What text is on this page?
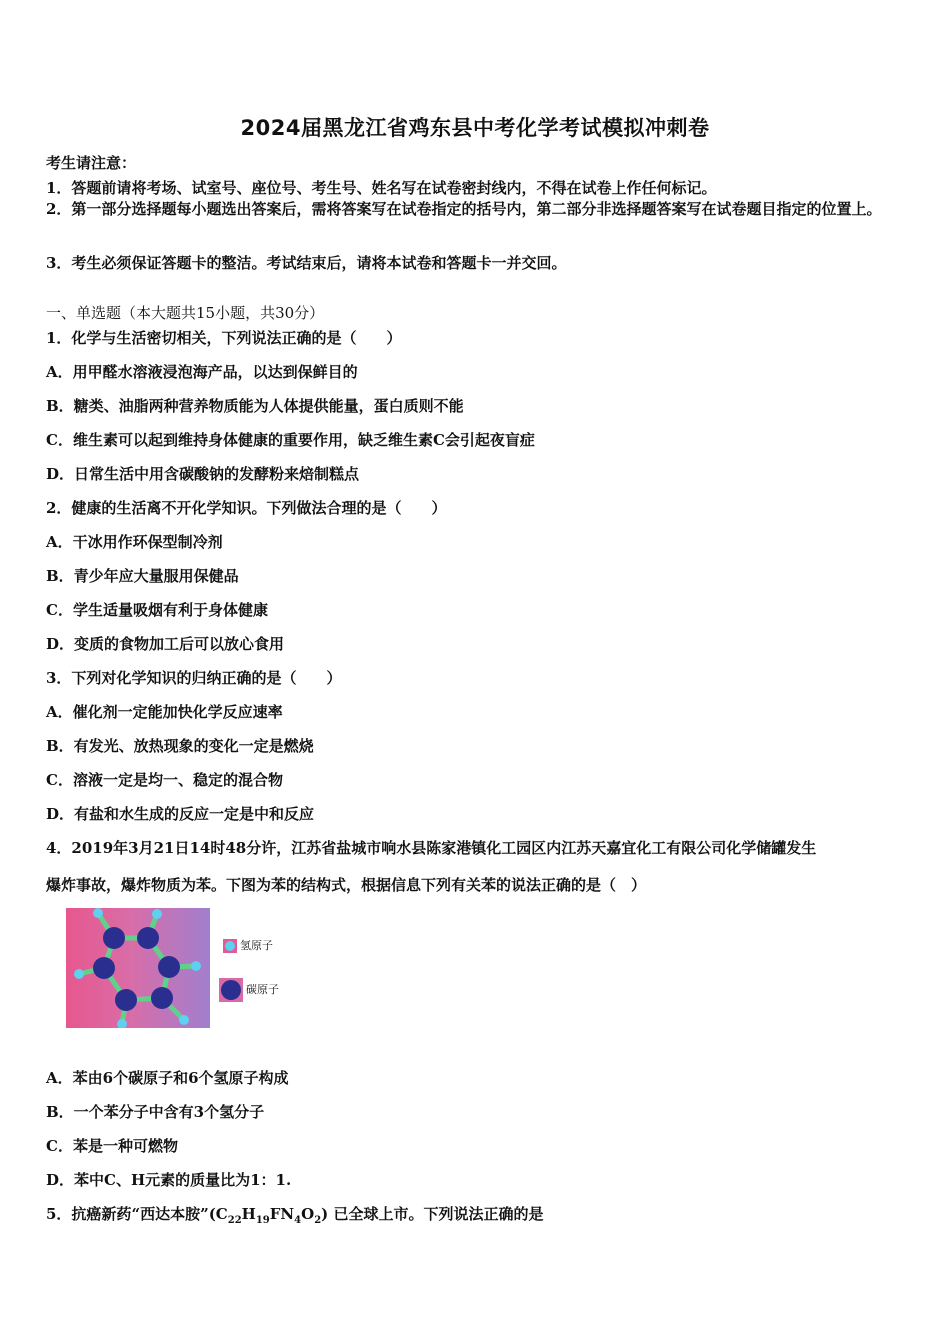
2024届黑龙江省鸡东县中考化学考试模拟冲刺卷
考生请注意：
1．答题前请将考场、试室号、座位号、考生号、姓名写在试卷密封线内，不得在试卷上作任何标记。
2．第一部分选择题每小题选出答案后，需将答案写在试卷指定的括号内，第二部分非选择题答案写在试卷题目指定的位置上。
3．考生必须保证答题卡的整洁。考试结束后，请将本试卷和答题卡一并交回。
一、单选题（本大题共15小题，共30分）
1．化学与生活密切相关，下列说法正确的是（　　）
A．用甲醛水溶液浸泡海产品，以达到保鲜目的
B．糖类、油脂两种营养物质能为人体提供能量，蛋白质则不能
C．维生素可以起到维持身体健康的重要作用，缺乏维生素C会引起夜盲症
D．日常生活中用含碳酸钠的发酵粉来焙制糕点
2．健康的生活离不开化学知识。下列做法合理的是（　　）
A．干冰用作环保型制冷剂
B．青少年应大量服用保健品
C．学生适量吸烟有利于身体健康
D．变质的食物加工后可以放心食用
3．下列对化学知识的归纳正确的是（　　）
A．催化剂一定能加快化学反应速率
B．有发光、放热现象的变化一定是燃烧
C．溶液一定是均一、稳定的混合物
D．有盐和水生成的反应一定是中和反应
4．2019年3月21日14时48分许，江苏省盐城市响水县陈家港镇化工园区内江苏天嘉宜化工有限公司化学储罐发生
爆炸事故，爆炸物质为苯。下图为苯的结构式，根据信息下列有关苯的说法正确的是（　）
氢原子
碳原子
A．苯由6个碳原子和6个氢原子构成
B．一个苯分子中含有3个氢分子
C．苯是一种可燃物
D．苯中C、H元素的质量比为1：1.
5．抗癌新药“西达本胺$”(C_{22}H_{19}FN_4O_2)$ 已全球上市。下列说法正确的是
